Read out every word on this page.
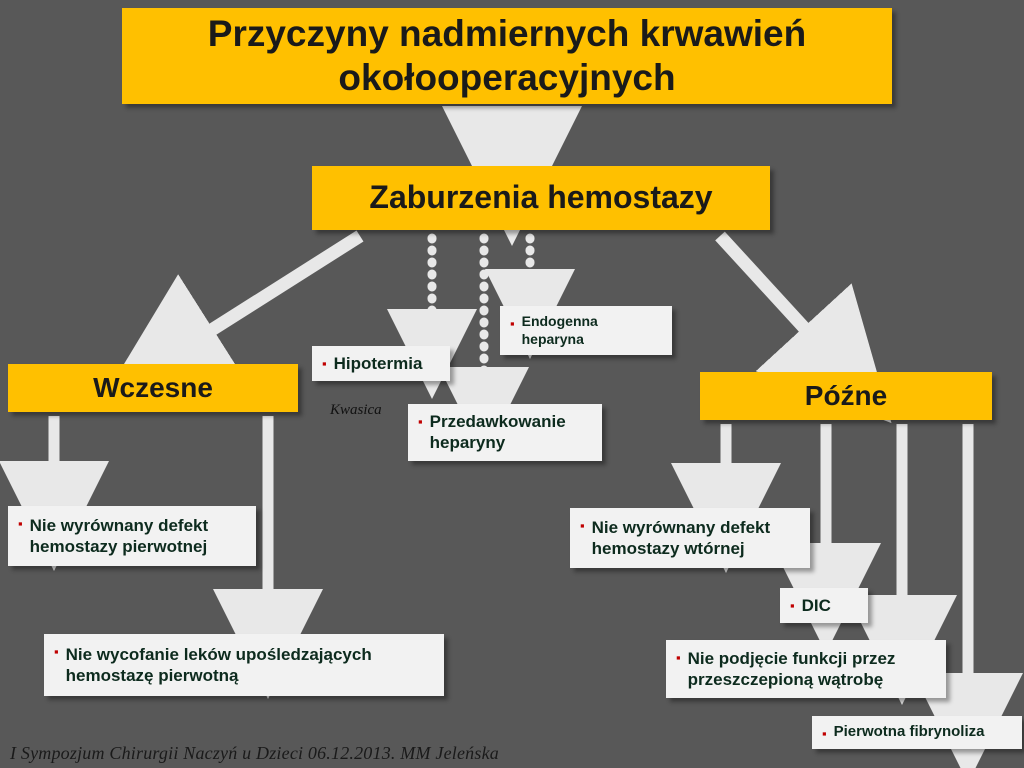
Przyczyny nadmiernych krwawień okołooperacyjnych
Zaburzenia hemostazy
Wczesne	Późne
▪ Endogenna heparyna
▪ Hipotermia
Kwasica
▪ Przedawkowanie heparyny
▪ Nie wyrównany defekt hemostazy pierwotnej
▪ Nie wycofanie leków upośledzających hemostazę pierwotną
▪ Nie wyrównany defekt hemostazy wtórnej
▪ DIC
▪ Nie podjęcie funkcji przez przeszczepioną wątrobę
▪ Pierwotna fibrynoliza
I Sympozjum Chirurgii Naczyń u Dzieci 06.12.2013. MM Jeleńska
